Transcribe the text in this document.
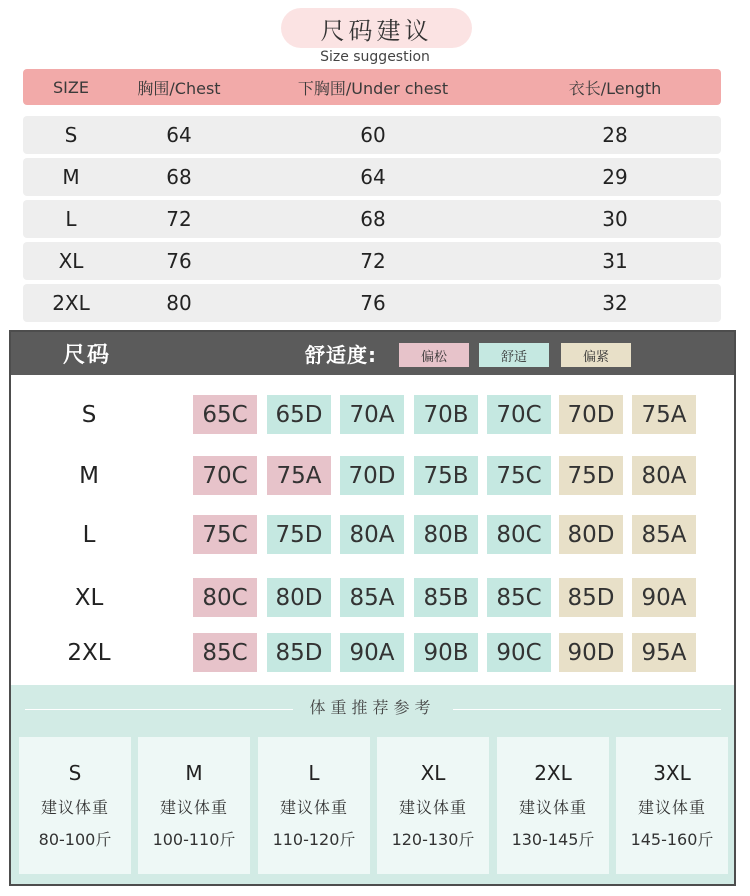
尺码建议
Size suggestion
SIZE	胸围/Chest	下胸围/Under chest	衣长/Length
S	64	60	28
M	68	64	29
L	72	68	30
XL	76	72	31
2XL	80	76	32
尺码	舒适度:	偏松	舒适	偏紧
S	65C	65D	70A	70B	70C	70D	75A
M	70C	75A	70D	75B	75C	75D	80A
L	75C	75D	80A	80B	80C	80D	85A
XL	80C	80D	85A	85B	85C	85D	90A
2XL	85C	85D	90A	90B	90C	90D	95A
体重推荐参考
S
建议体重
80-100斤
M
建议体重
100-110斤
L
建议体重
110-120斤
XL
建议体重
120-130斤
2XL
建议体重
130-145斤
3XL
建议体重
145-160斤
